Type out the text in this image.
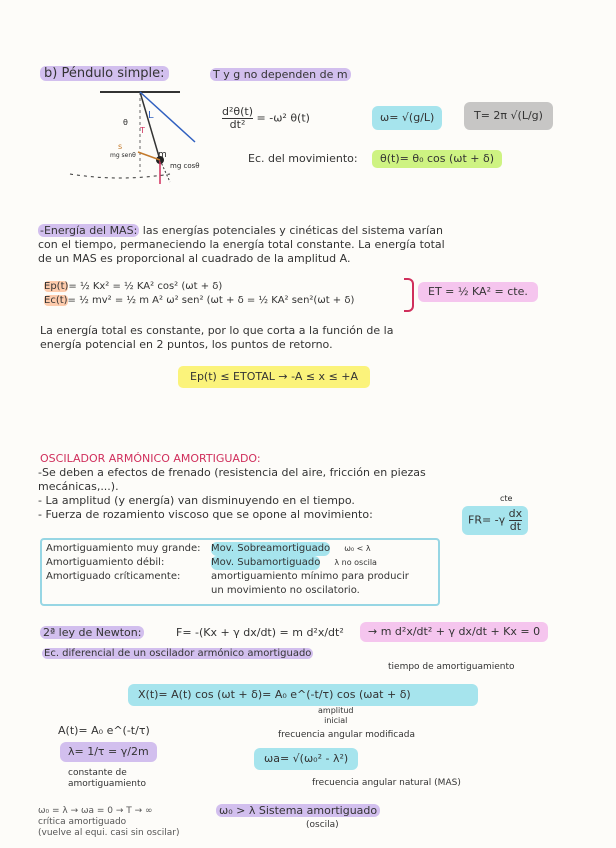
b) Péndulo simple:	T y g no dependen de m
L
m
mg senθ
mg cosθ
θ
s
T	$\frac{\text{d²θ(t)}}{\text{dt²}} = -\omega^2$ θ(t)	ω= √(g/L)	T= 2π √(L/g)
Ec. del movimiento:	θ(t)= θ₀ cos (ωt + δ)
-Energía del MAS: las energías potenciales y cinéticas del sistema varían
con el tiempo, permaneciendo la energía total constante. La energía total
de un MAS es proporcional al cuadrado de la amplitud A.
Ep(t)= ½ Kx² = ½ KA² cos² (ωt + δ)
Ec(t)= ½ mv² = ½ m A² ω² sen² (ωt + δ = ½ KA² sen²(ωt + δ)
ET = ½ KA² = cte.
La energía total es constante, por lo que corta a la función de la
energía potencial en 2 puntos, los puntos de retorno.
Ep(t) ≤ ETOTAL → -A ≤ x ≤ +A
OSCILADOR ARMÓNICO AMORTIGUADO:
-Se deben a efectos de frenado (resistencia del aire, fricción en piezas
mecánicas,...).
- La amplitud (y energía) van disminuyendo en el tiempo.
- Fuerza de rozamiento viscoso que se opone al movimiento:	$FR= -\gamma \frac{dx}{dt}$
cte
Amortiguamiento muy grande:	Mov. Sobreamortiguado ω₀ < λ
Amortiguamiento débil:	Mov. Subamortiguado λ no oscila
Amortiguado críticamente:	amortiguamiento mínimo para producir
un movimiento no oscilatorio.
2ª ley de Newton:	F= -(Kx + γ dx/dt) = m d²x/dt²	→ m d²x/dt² + γ dx/dt + Kx = 0
Ec. diferencial de un oscilador armónico amortiguado
tiempo de amortiguamiento
X(t)= A(t) cos (ωt + δ)= A₀ e^(-t/τ) cos (ωat + δ)
amplitud
inicial
A(t)= A₀ e^(-t/τ)
λ= 1/τ = γ/2m
constante de
amortiguamiento
frecuencia angular modificada
ωa= √(ω₀² - λ²)
frecuencia angular natural (MAS)
ω₀ = λ → ωa = 0 → T → ∞
crítica amortiguado
(vuelve al equi. casi sin oscilar)
ω₀ > λ Sistema amortiguado
(oscila)
